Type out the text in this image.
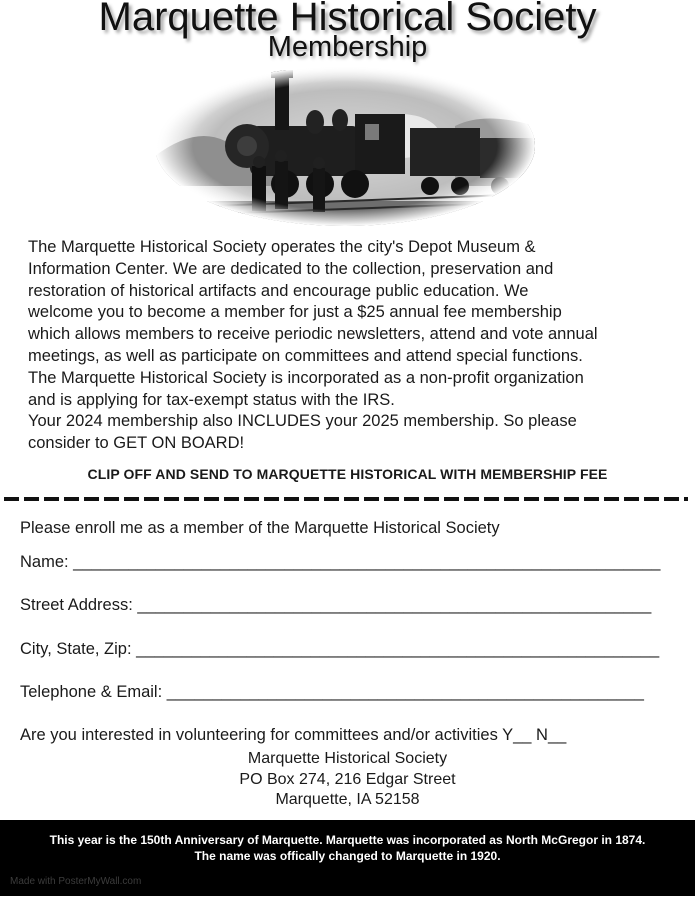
Marquette Historical Society
Membership

The Marquette Historical Society operates the city's Depot Museum &

Information Center. We are dedicated to the collection, preservation and

restoration of historical artifacts and encourage public education. We

welcome you to become a member for just a $25 annual fee membership

which allows members to receive periodic newsletters, attend and vote annual

meetings, as well as participate on committees and attend special functions.

The Marquette Historical Society is incorporated as a non-profit organization

and is applying for tax-exempt status with the IRS.

Your 2024 membership also INCLUDES your 2025 membership. So please

consider to GET ON BOARD!

CLIP OFF AND SEND TO MARQUETTE HISTORICAL WITH MEMBERSHIP FEE
Please enroll me as a member of the Marquette Historical Society
Name: ________________________________________________________________
Street Address: ________________________________________________________
City, State, Zip: _________________________________________________________
Telephone & Email: ____________________________________________________
Are you interested in volunteering for committees and/or activities Y__ N__
Marquette Historical Society
PO Box 274, 216 Edgar Street
Marquette, IA 52158
This year is the 150th Anniversary of Marquette. Marquette was incorporated as North McGregor in 1874.
The name was offically changed to Marquette in 1920.
Made with PosterMyWall.com
